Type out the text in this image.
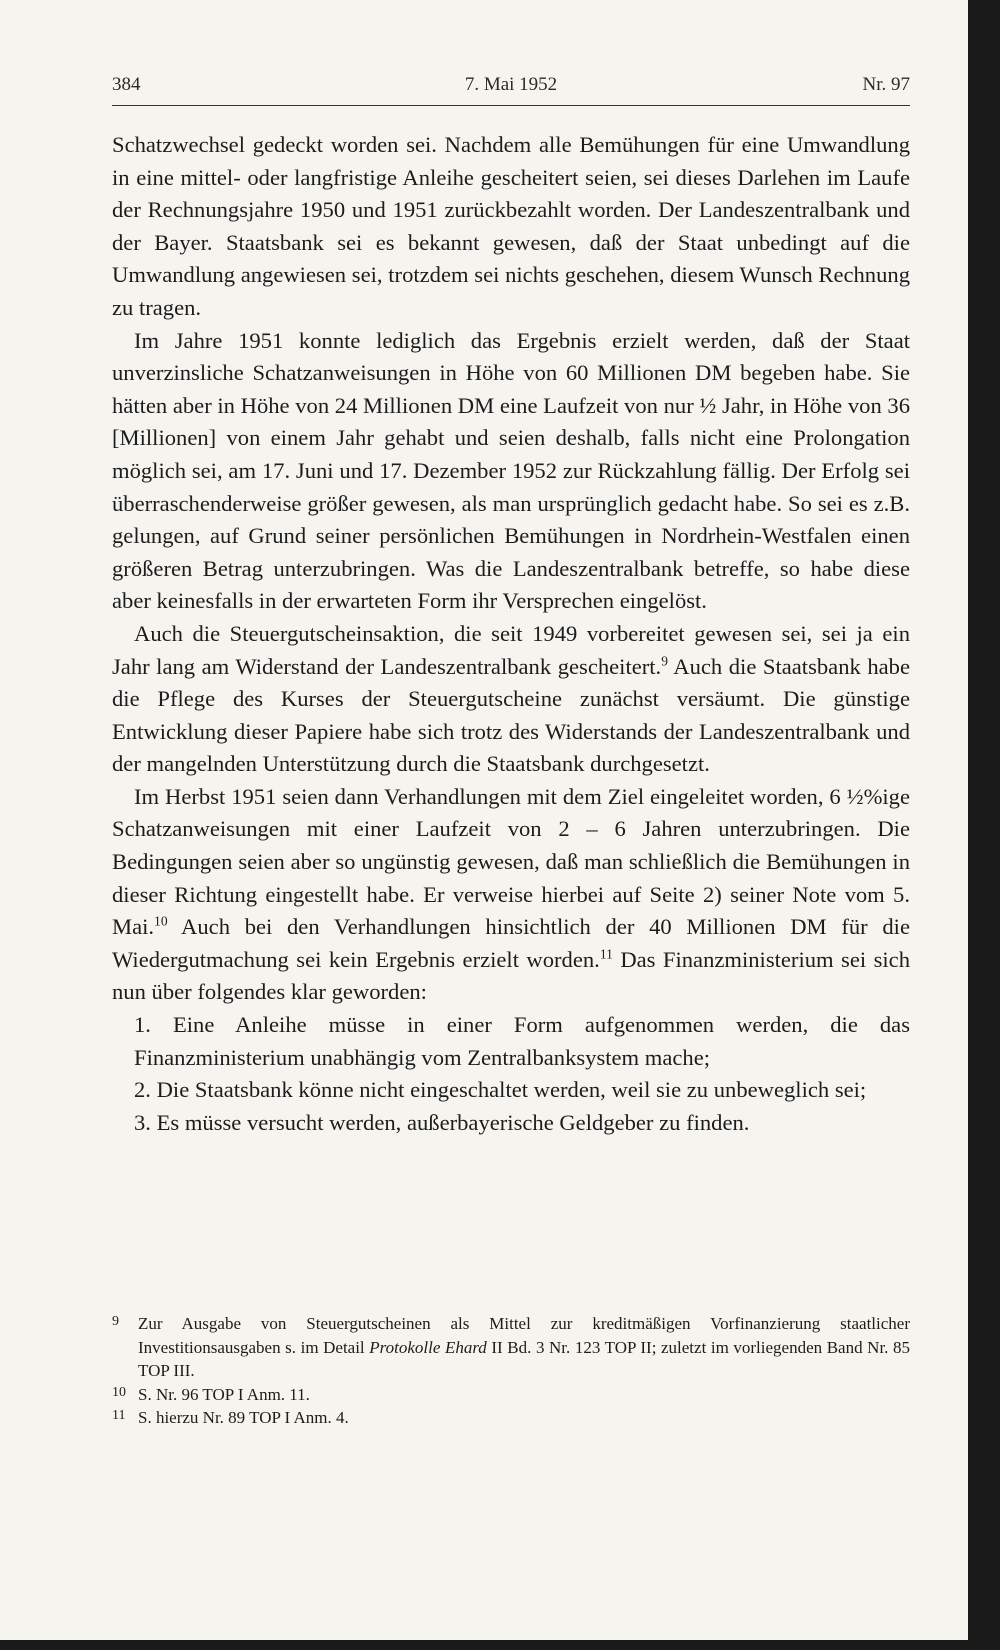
384	7. Mai 1952	Nr. 97

Schatzwechsel gedeckt worden sei. Nachdem alle Bemühungen für eine Umwandlung in eine mittel- oder langfristige Anleihe gescheitert seien, sei dieses Darlehen im Laufe der Rechnungsjahre 1950 und 1951 zurückbezahlt worden. Der Landeszentralbank und der Bayer. Staatsbank sei es bekannt gewesen, daß der Staat unbedingt auf die Umwandlung angewiesen sei, trotzdem sei nichts geschehen, diesem Wunsch Rechnung zu tragen.

Im Jahre 1951 konnte lediglich das Ergebnis erzielt werden, daß der Staat unverzinsliche Schatzanweisungen in Höhe von 60 Millionen DM begeben habe. Sie hätten aber in Höhe von 24 Millionen DM eine Laufzeit von nur ½ Jahr, in Höhe von 36 [Millionen] von einem Jahr gehabt und seien deshalb, falls nicht eine Prolongation möglich sei, am 17. Juni und 17. Dezember 1952 zur Rückzahlung fällig. Der Erfolg sei überraschenderweise größer gewesen, als man ursprünglich gedacht habe. So sei es z.B. gelungen, auf Grund seiner persönlichen Bemühungen in Nordrhein-Westfalen einen größeren Betrag unterzubringen. Was die Landeszentralbank betreffe, so habe diese aber keinesfalls in der erwarteten Form ihr Versprechen eingelöst.

Auch die Steuergutscheinsaktion, die seit 1949 vorbereitet gewesen sei, sei ja ein Jahr lang am Widerstand der Landeszentralbank gescheitert.$^9$ Auch die Staatsbank habe die Pflege des Kurses der Steuergutscheine zunächst versäumt. Die günstige Entwicklung dieser Papiere habe sich trotz des Widerstands der Landeszentralbank und der mangelnden Unterstützung durch die Staatsbank durchgesetzt.

Im Herbst 1951 seien dann Verhandlungen mit dem Ziel eingeleitet worden, 6 ½%ige Schatzanweisungen mit einer Laufzeit von 2 – 6 Jahren unterzubringen. Die Bedingungen seien aber so ungünstig gewesen, daß man schließlich die Bemühungen in dieser Richtung eingestellt habe. Er verweise hierbei auf Seite 2) seiner Note vom 5. Mai.$^{10}$ Auch bei den Verhandlungen hinsichtlich der 40 Millionen DM für die Wiedergutmachung sei kein Ergebnis erzielt worden.$^{11}$ Das Finanzministerium sei sich nun über folgendes klar geworden:

1. Eine Anleihe müsse in einer Form aufgenommen werden, die das Finanzministerium unabhängig vom Zentralbanksystem mache;
2. Die Staatsbank könne nicht eingeschaltet werden, weil sie zu unbeweglich sei;
3. Es müsse versucht werden, außerbayerische Geldgeber zu finden.
9	Zur Ausgabe von Steuergutscheinen als Mittel zur kreditmäßigen Vorfinanzierung staatlicher Investitionsausgaben s. im Detail Protokolle Ehard II Bd. 3 Nr. 123 TOP II; zuletzt im vorliegenden Band Nr. 85 TOP III.
10 S. Nr. 96 TOP I Anm. 11.
11 S. hierzu Nr. 89 TOP I Anm. 4.
